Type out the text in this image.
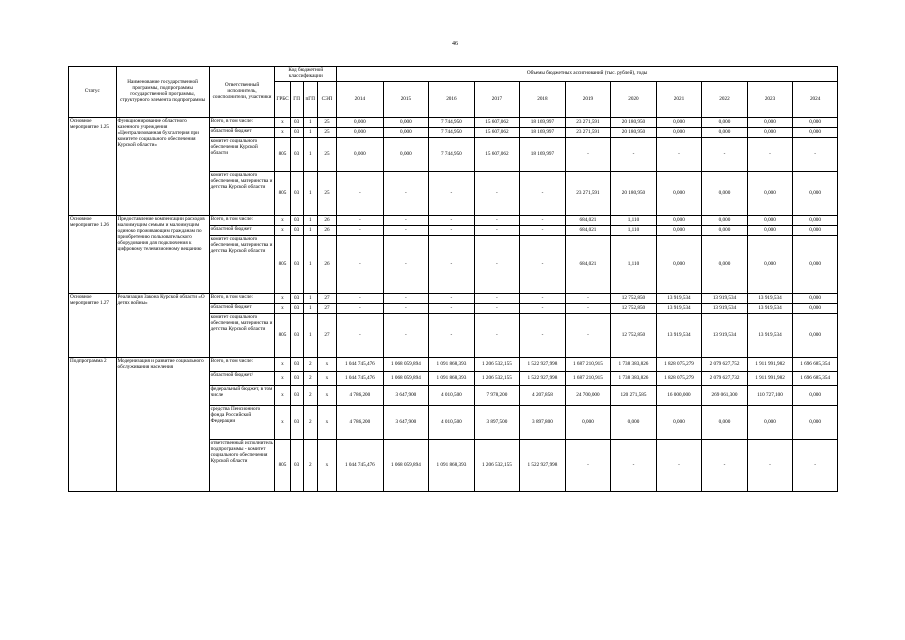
46
Статус	Наименование государственной программы, подпрограммы государственной программы, структурного элемента подпрограммы	Ответственный исполнитель, соисполнители, участники	Код бюджетной классификации				Объемы бюджетных ассигнований (тыс. рублей), годы										
			ГРБС	ГП	пГП	СЭП	2014	2015	2016	2017	2018	2019	2020	2021	2022	2023	2024
Основное мероприятие 1.25	Функционирование областного казенного учреждения «Централизованная бухгалтерия при комитете социального обеспечения Курской области»	Всего, в том числе:	х	03	1	25	0,000	0,000	7 744,950	15 607,062	18 169,997	23 271,591	20 180,950	0,000	0,000	0,000	0,000
		областной бюджет	х	03	1	25	0,000	0,000	7 744,950	15 607,062	18 169,997	23 271,591	20 180,950	0,000	0,000	0,000	0,000
		комитет социального обеспечения Курской области	805	03	1	25	0,000	0,000	7 744,950	15 607,062	18 169,997	-	-	-	-	-	-
		комитет социального обеспечения, материнства и детства Курской области	805	03	1	25	-	-	-	-	-	23 271,591	20 180,950	0,000	0,000	0,000	0,000
Основное мероприятие 1.26	Предоставление компенсации расходов малоимущим семьям и малоимущим одиноко проживающим гражданам по приобретению пользовательского оборудования для подключения к цифровому телевизионному вещанию	Всего, в том числе:	х	03	1	26	-	-	-	-	-	684,021	1,110	0,000	0,000	0,000	0,000
		областной бюджет	х	03	1	26	-	-	-	-	-	684,021	1,110	0,000	0,000	0,000	0,000
		комитет социального обеспечения, материнства и детства Курской области	805	03	1	26	-	-	-	-	-	684,021	1,110	0,000	0,000	0,000	0,000
Основное мероприятие 1.27	Реализация Закона Курской области «О детях войны»	Всего, в том числе:	х	03	1	27	-	-	-	-	-	-	12 752,850	13 919,534	13 919,534	13 919,534	0,000
		областной бюджет	х	03	1	27	-	-	-	-	-	-	12 752,850	13 919,534	13 919,534	13 919,534	0,000
		комитет социального обеспечения, материнства и детства Курской области	805	03	1	27	-	-	-	-	-	-	12 752,850	13 919,534	13 919,534	13 919,534	0,000
Подпрограмма 2	Модернизация и развитие социального обслуживания населения	Всего, в том числе:	х	03	2	х	1 044 745,476	1 068 059,894	1 091 868,393	1 206 532,155	1 522 927,998	1 687 210,915	1 738 383,826	1 828 075,279	2 079 627,752	1 911 991,982	1 696 685,354
		областной бюджет/	х	03	2	х	1 044 745,476	1 068 059,894	1 091 868,393	1 206 532,155	1 522 927,998	1 687 210,915	1 738 383,826	1 828 075,279	2 079 627,732	1 911 991,982	1 696 685,354
		федеральный бюджет, в том числе	х	03	2	х	4 786,200	3 647,900	4 010,500	7 978,200	4 207,858	24 700,000	120 271,585	16 000,000	269 061,300	110 727,100	0,000
		средства Пенсионного фонда Российской Федерации	х	03	2	х	4 786,200	3 647,900	4 010,500	3 897,500	3 897,800	0,000	0,000	0,000	0,000	0,000	0,000
		ответственный исполнитель подпрограммы - комитет социального обеспечения Курской области	805	03	2	х	1 044 745,476	1 068 059,894	1 091 868,393	1 206 532,155	1 522 927,998	-	-	-	-	-	-
